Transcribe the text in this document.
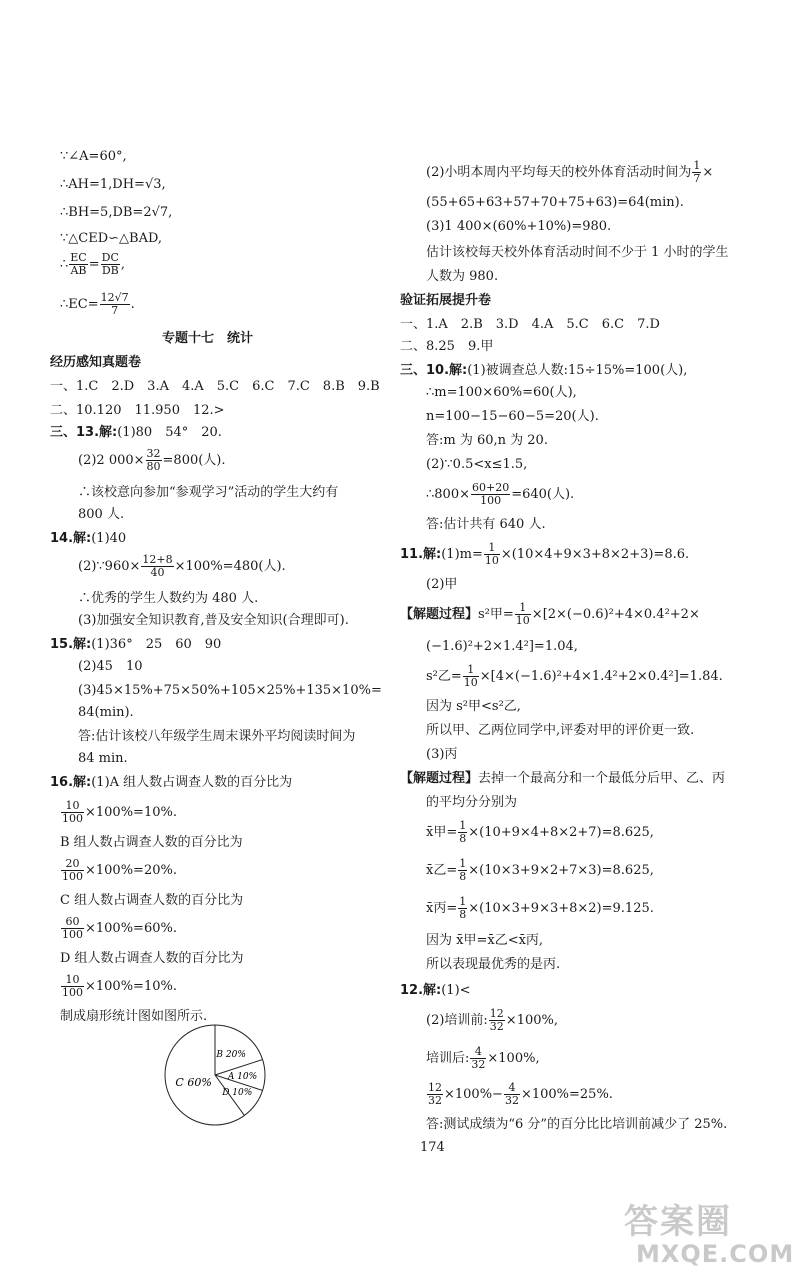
∵∠A=60°,
∴AH=1,DH=√3,
∴BH=5,DB=2√7,
∵△CED∽△BAD,
∴ $\frac{EC}{AB} = \frac{DC}{DB}$ ,
∴EC= $\frac{12√7}{7}$ .
专题十七　统计
经历感知真题卷
一、1.C　2.D　3.A　4.A　5.C　6.C　7.C　8.B　9.B
二、10.120　11.950　12.>
三、13.解:(1)80　54°　20.
(2)2 $000\times \frac{32}{80} =800$(人).
∴该校意向参加“参观学习”活动的学生大约有
800 人.
14.解:(1)40
(2)∵960× $\frac{12+8}{40} \times 100\%=480$(人).
∴优秀的学生人数约为 480 人.
(3)加强安全知识教育,普及安全知识(合理即可).
15.解:(1)36°　25　60　90
(2)45　10
(3)45×15%+75×50%+105×25%+135×10%=
84(min).
答:估计该校八年级学生周末课外平均阅读时间为
84 min.
16.解:(1)A 组人数占调查人数的百分比为
$\frac{10}{100} \times 100\%=10\%$.
B 组人数占调查人数的百分比为
$\frac{20}{100} \times 100\%=20\%$.
C 组人数占调查人数的百分比为
$\frac{60}{100} \times 100\%=60\%$.
D 组人数占调查人数的百分比为
$\frac{10}{100} \times 100\%=10\%$.
制成扇形统计图如图所示.
B 20%
A 10%
D 10%
C 60%
(2)小明本周内平均每天的校外体育活动时间为 $\frac{1}{7}$ ×
(55+65+63+57+70+75+63)=64(min).
(3)1 400×(60%+10%)=980.
估计该校每天校外体育活动时间不少于 1 小时的学生
人数为 980.
验证拓展提升卷
一、1.A　2.B　3.D　4.A　5.C　6.C　7.D
二、8.25　9.甲
三、10.解:(1)被调查总人数:15÷15%=100(人),
∴m=100×60%=60(人),
n=100−15−60−5=20(人).
答:m 为 60,n 为 20.
(2)∵0.5<x≤1.5,
∴800× $\frac{60+20}{100} =640$(人).
答:估计共有 640 人.
11.解:(1)m= $\frac{1}{10} \times(10\times 4+9\times 3+8\times 2+3)=8.6$.
(2)甲
【解题过程】s²甲= $\frac{1}{10} \times[2\times(-0.6)^2+4\times 0.4^2+2\times$
(−1.6)²+2×1.4²]=1.04,
s²乙= $\frac{1}{10} \times[4\times(-1.6)^2+4\times 1.4^2+2\times 0.4^2]=1.84$.
因为 s²甲<s²乙,
所以甲、乙两位同学中,评委对甲的评价更一致.
(3)丙
【解题过程】去掉一个最高分和一个最低分后甲、乙、丙
的平均分分别为
x̄甲= $\frac{1}{8} \times(10+9\times 4+8\times 2+7)=8.625$,
x̄乙= $\frac{1}{8} \times(10\times 3+9\times 2+7\times 3)=8.625$,
x̄丙= $\frac{1}{8} \times(10\times 3+9\times 3+8\times 2)=9.125$.
因为 x̄甲=x̄乙<x̄丙,
所以表现最优秀的是丙.
12.解:(1)<
(2)培训前: $\frac{12}{32} \times 100\%$,
培训后: $\frac{4}{32} \times 100\%$,
$\frac{12}{32} \times 100\%- \frac{4}{32} \times 100\%=25\%$.
答:测试成绩为“6 分”的百分比比培训前减少了 25%.
174
答案圈
MXQE.COM
